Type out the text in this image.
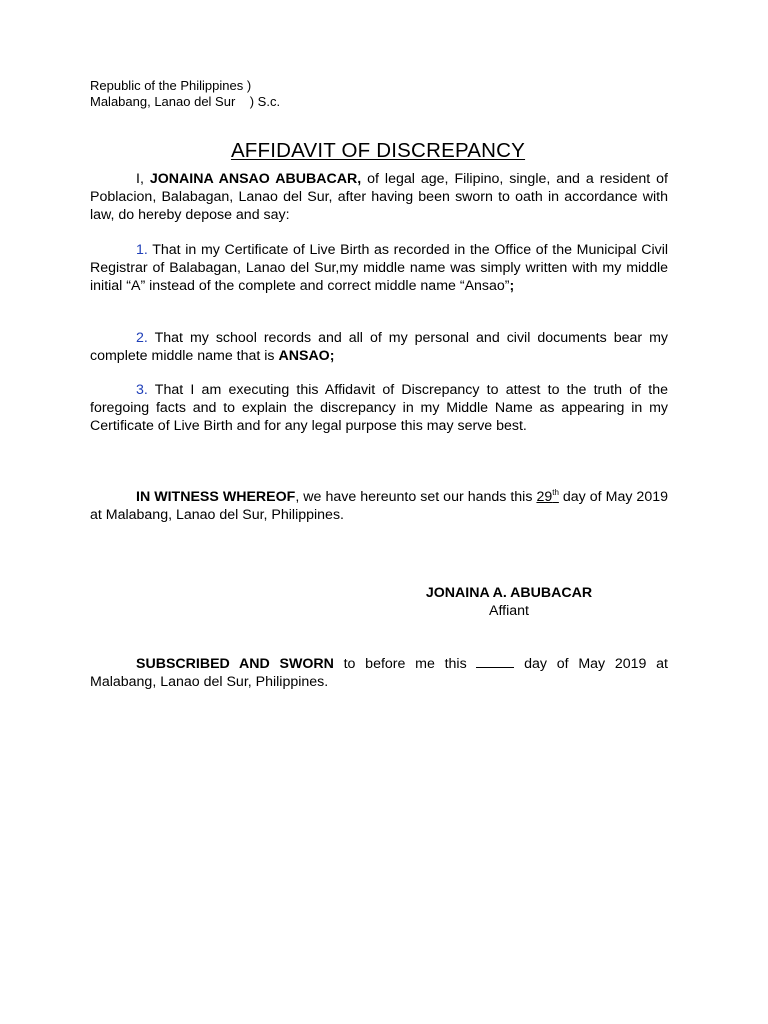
Republic of the Philippines )
Malabang, Lanao del Sur    ) S.c.
AFFIDAVIT OF DISCREPANCY

I, JONAINA ANSAO ABUBACAR, of legal age, Filipino, single, and a resident of Poblacion, Balabagan, Lanao del Sur, after having been sworn to oath in accordance with law, do hereby depose and say:

1. That in my Certificate of Live Birth as recorded in the Office of the Municipal Civil Registrar of Balabagan, Lanao del Sur,my middle name was simply written with my middle initial “A” instead of the complete and correct middle name “Ansao”;

2. That my school records and all of my personal and civil documents bear my complete middle name that is ANSAO;

3. That I am executing this Affidavit of Discrepancy to attest to the truth of the foregoing facts and to explain the discrepancy in my Middle Name as appearing in my Certificate of Live Birth and for any legal purpose this may serve best.

IN WITNESS WHEREOF, we have hereunto set our hands this 29th day of May 2019 at Malabang, Lanao del Sur, Philippines.

JONAINA A. ABUBACAR
Affiant

SUBSCRIBED AND SWORN to before me this	day of May 2019 at Malabang, Lanao del Sur, Philippines.
